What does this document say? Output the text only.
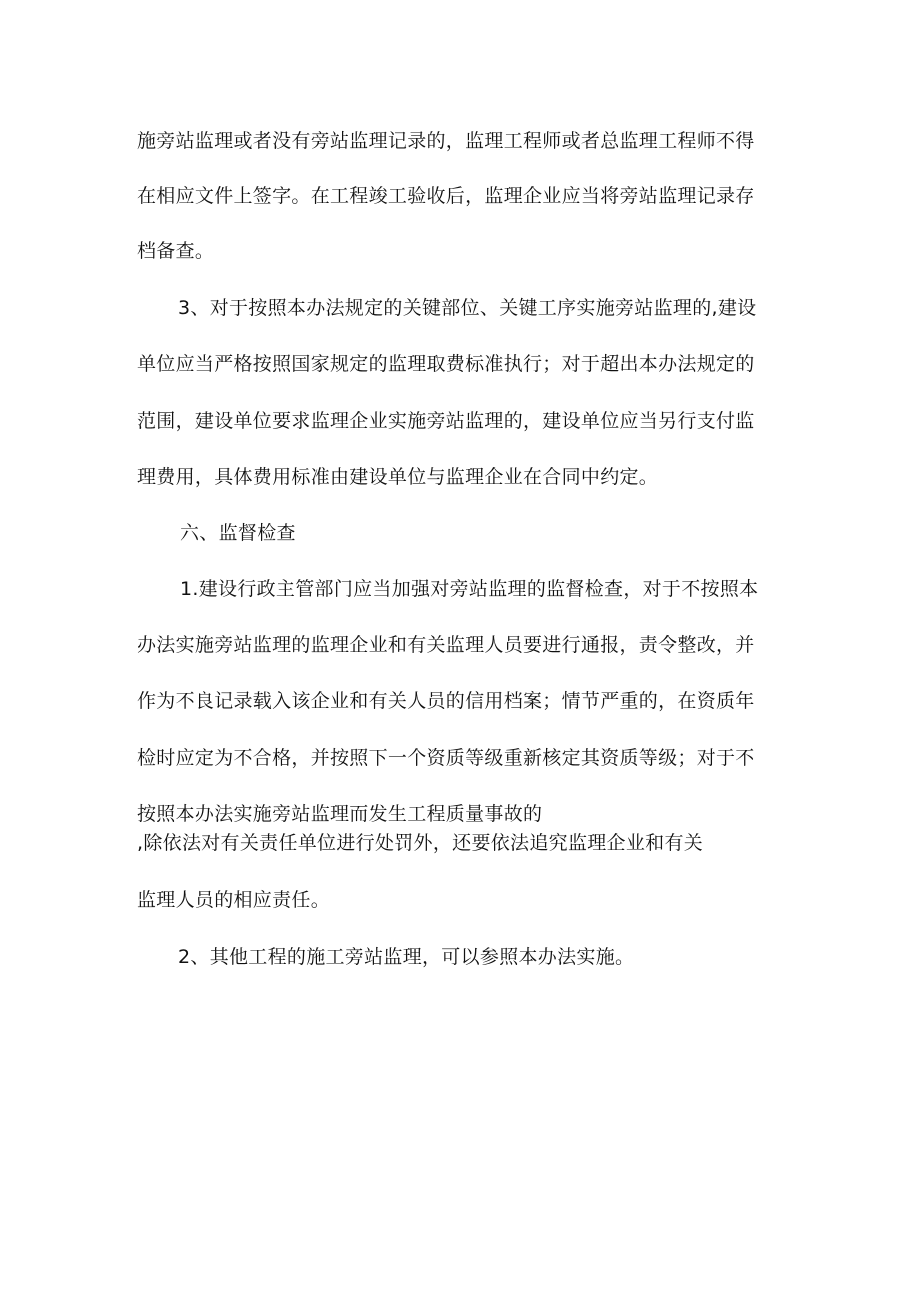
施旁站监理或者没有旁站监理记录的，监理工程师或者总监理工程师不得
在相应文件上签字。在工程竣工验收后，监理企业应当将旁站监理记录存
档备查。
3、对于按照本办法规定的关键部位、关键工序实施旁站监理的,建设
单位应当严格按照国家规定的监理取费标准执行；对于超出本办法规定的
范围，建设单位要求监理企业实施旁站监理的，建设单位应当另行支付监
理费用，具体费用标准由建设单位与监理企业在合同中约定。
六、监督检查
1.建设行政主管部门应当加强对旁站监理的监督检查，对于不按照本
办法实施旁站监理的监理企业和有关监理人员要进行通报，责令整改，并
作为不良记录载入该企业和有关人员的信用档案；情节严重的，在资质年
检时应定为不合格，并按照下一个资质等级重新核定其资质等级；对于不
按照本办法实施旁站监理而发生工程质量事故的
,除依法对有关责任单位进行处罚外，还要依法追究监理企业和有关
监理人员的相应责任。
2、其他工程的施工旁站监理，可以参照本办法实施。
